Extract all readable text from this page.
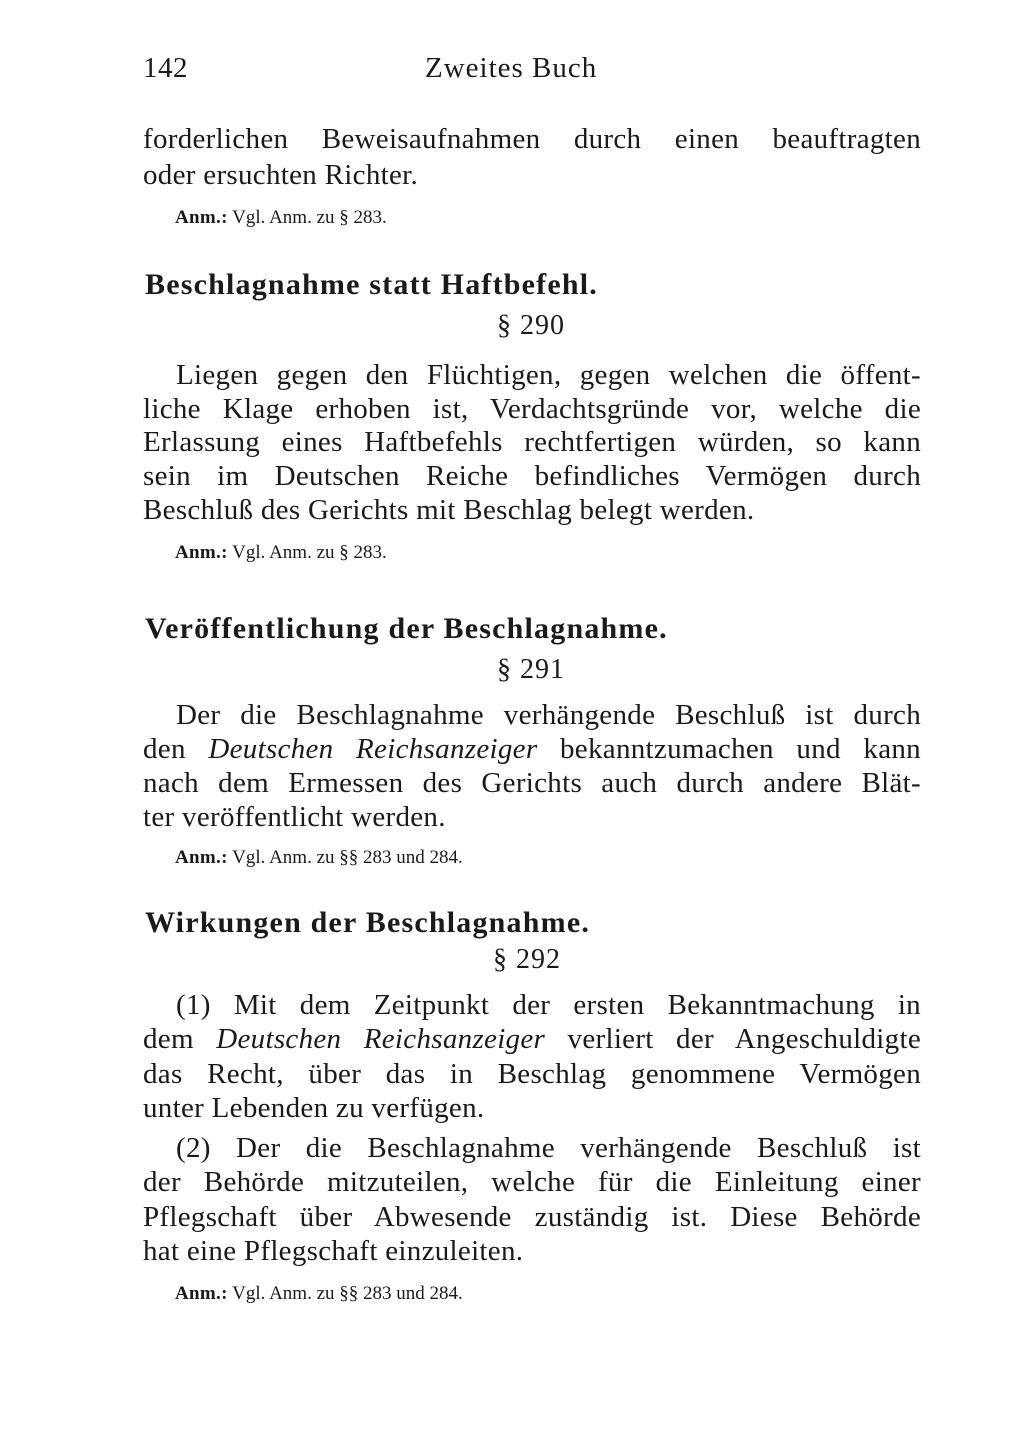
142	Zweites Buch
forderlichen Beweisaufnahmen durch einen beauftragten
oder ersuchten Richter.
Anm.: Vgl. Anm. zu § 283.
Beschlagnahme statt Haftbefehl.
§ 290
Liegen gegen den Flüchtigen, gegen welchen die öffent-
liche Klage erhoben ist, Verdachtsgründe vor, welche die
Erlassung eines Haftbefehls rechtfertigen würden, so kann
sein im Deutschen Reiche befindliches Vermögen durch
Beschluß des Gerichts mit Beschlag belegt werden.
Anm.: Vgl. Anm. zu § 283.
Veröffentlichung der Beschlagnahme.
§ 291
Der die Beschlagnahme verhängende Beschluß ist durch
den Deutschen Reichsanzeiger bekanntzumachen und kann
nach dem Ermessen des Gerichts auch durch andere Blät-
ter veröffentlicht werden.
Anm.: Vgl. Anm. zu §§ 283 und 284.
Wirkungen der Beschlagnahme.
§ 292
(1) Mit dem Zeitpunkt der ersten Bekanntmachung in
dem Deutschen Reichsanzeiger verliert der Angeschuldigte
das Recht, über das in Beschlag genommene Vermögen
unter Lebenden zu verfügen.
(2) Der die Beschlagnahme verhängende Beschluß ist
der Behörde mitzuteilen, welche für die Einleitung einer
Pflegschaft über Abwesende zuständig ist. Diese Behörde
hat eine Pflegschaft einzuleiten.
Anm.: Vgl. Anm. zu §§ 283 und 284.
